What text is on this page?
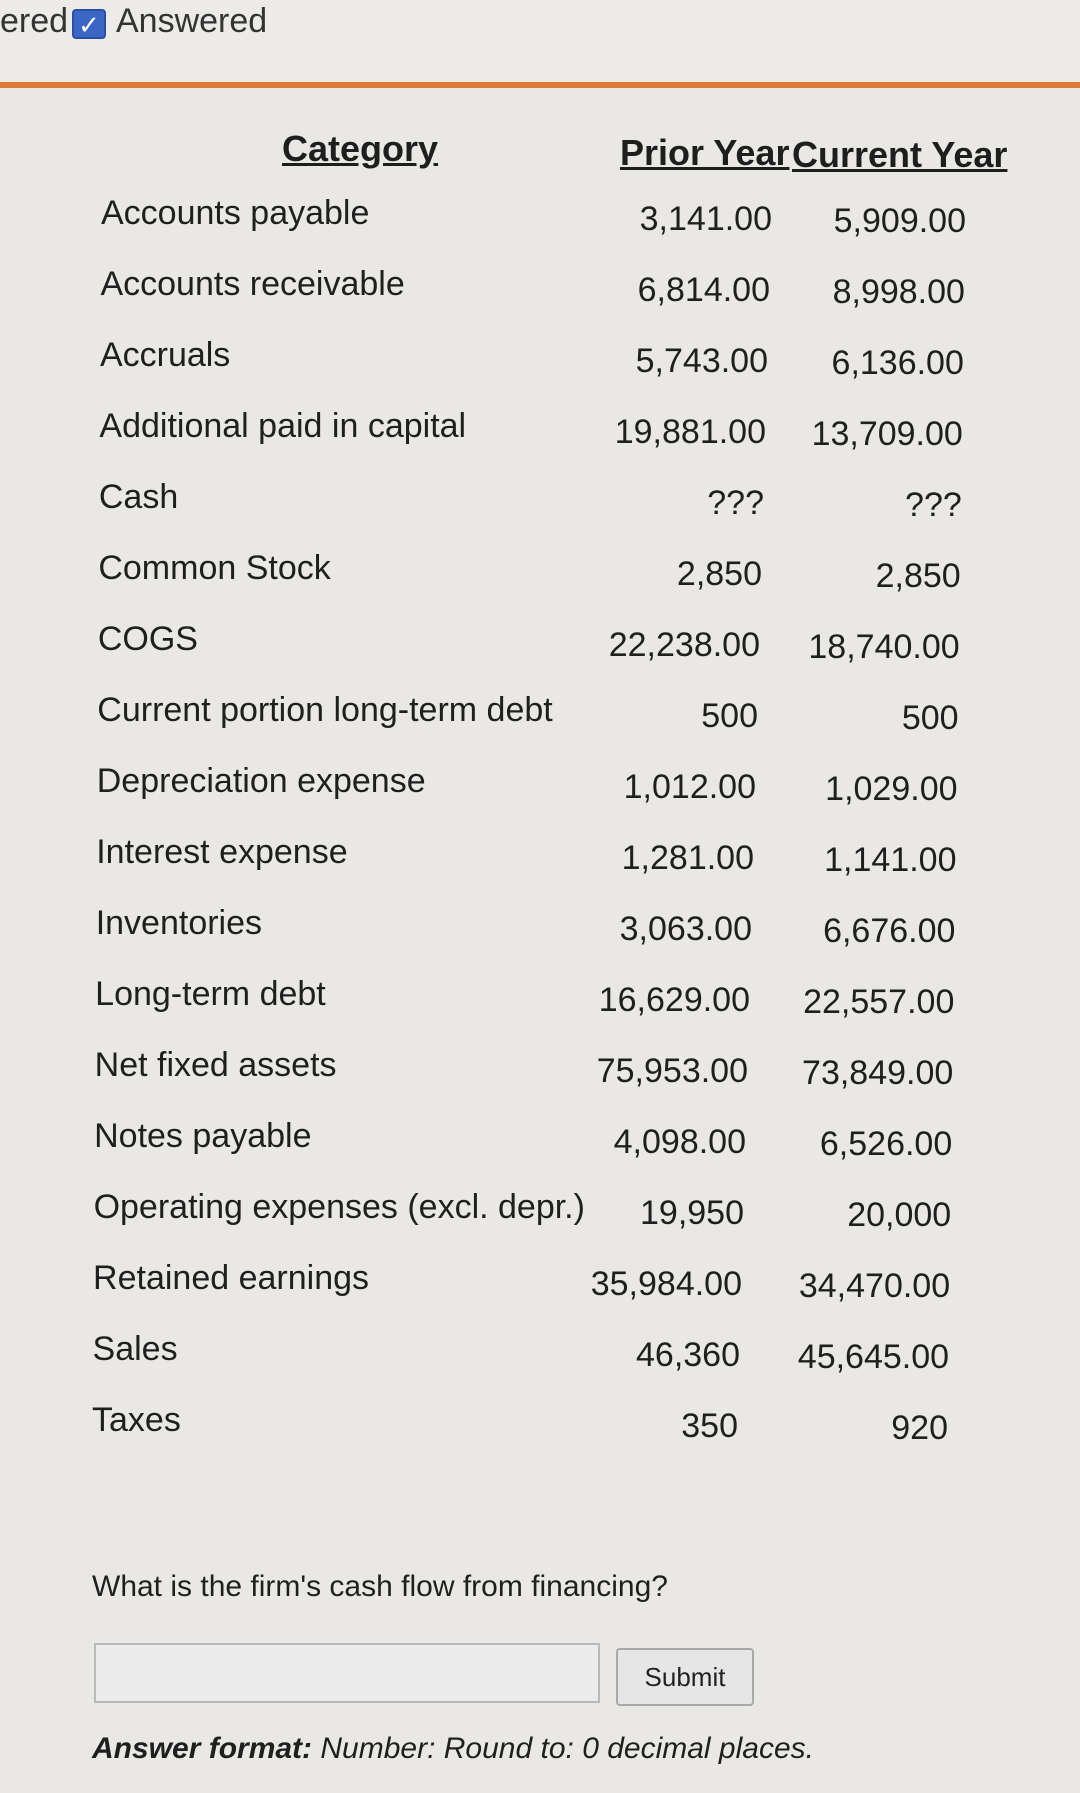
ered ✓ Answered
Category	Prior Year Current Year
Accounts payable	3,141.00 5,909.00
Accounts receivable	6,814.00 8,998.00
Accruals	5,743.00 6,136.00
Additional paid in capital	19,881.00 13,709.00
Cash	???	???
Common Stock	2,850	2,850
COGS	22,238.00 18,740.00
Current portion long-term debt	500	500
Depreciation expense	1,012.00 1,029.00
Interest expense	1,281.00 1,141.00
Inventories	3,063.00 6,676.00
Long-term debt	16,629.00 22,557.00
Net fixed assets	75,953.00 73,849.00
Notes payable	4,098.00 6,526.00
Operating expenses (excl. depr.) 19,950	20,000
Retained earnings	35,984.00 34,470.00
Sales	46,360 45,645.00
Taxes	350	920
What is the firm's cash flow from financing?
Submit
Answer format: Number: Round to: 0 decimal places.
